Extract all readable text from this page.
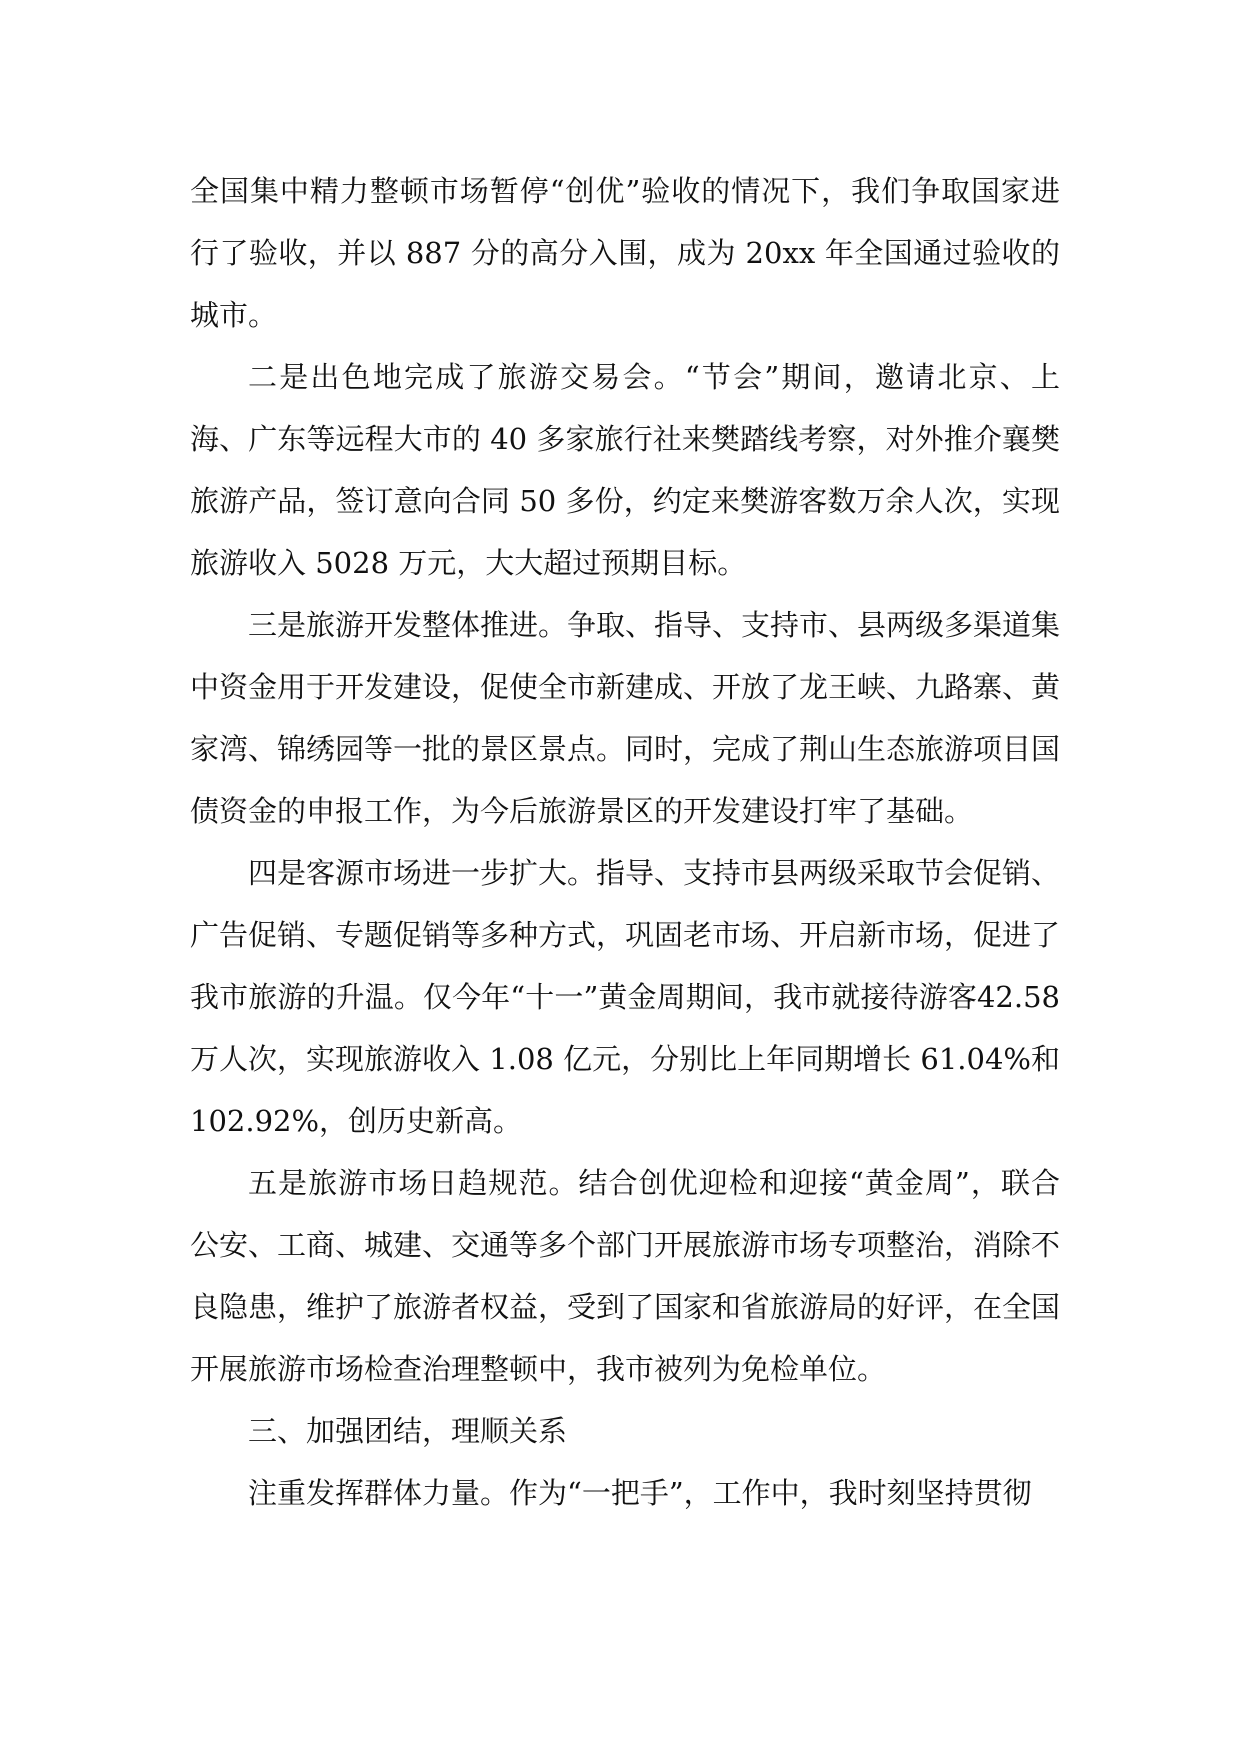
全国集中精力整顿市场暂停“创优”验收的情况下，我们争取国家进行了验收，并以 887 分的高分入围，成为 20xx 年全国通过验收的城市。

二是出色地完成了旅游交易会。“节会”期间，邀请北京、上海、广东等远程大市的 40 多家旅行社来樊踏线考察，对外推介襄樊旅游产品，签订意向合同 50 多份，约定来樊游客数万余人次，实现旅游收入 5028 万元，大大超过预期目标。

三是旅游开发整体推进。争取、指导、支持市、县两级多渠道集中资金用于开发建设，促使全市新建成、开放了龙王峡、九路寨、黄家湾、锦绣园等一批的景区景点。同时，完成了荆山生态旅游项目国债资金的申报工作，为今后旅游景区的开发建设打牢了基础。

四是客源市场进一步扩大。指导、支持市县两级采取节会促销、广告促销、专题促销等多种方式，巩固老市场、开启新市场，促进了我市旅游的升温。仅今年“十一”黄金周期间，我市就接待游客42.58 万人次，实现旅游收入 1.08 亿元，分别比上年同期增长 61.04%和 102.92%，创历史新高。

五是旅游市场日趋规范。结合创优迎检和迎接“黄金周”，联合公安、工商、城建、交通等多个部门开展旅游市场专项整治，消除不良隐患，维护了旅游者权益，受到了国家和省旅游局的好评，在全国开展旅游市场检查治理整顿中，我市被列为免检单位。

三、加强团结，理顺关系

注重发挥群体力量。作为“一把手”，工作中，我时刻坚持贯彻
